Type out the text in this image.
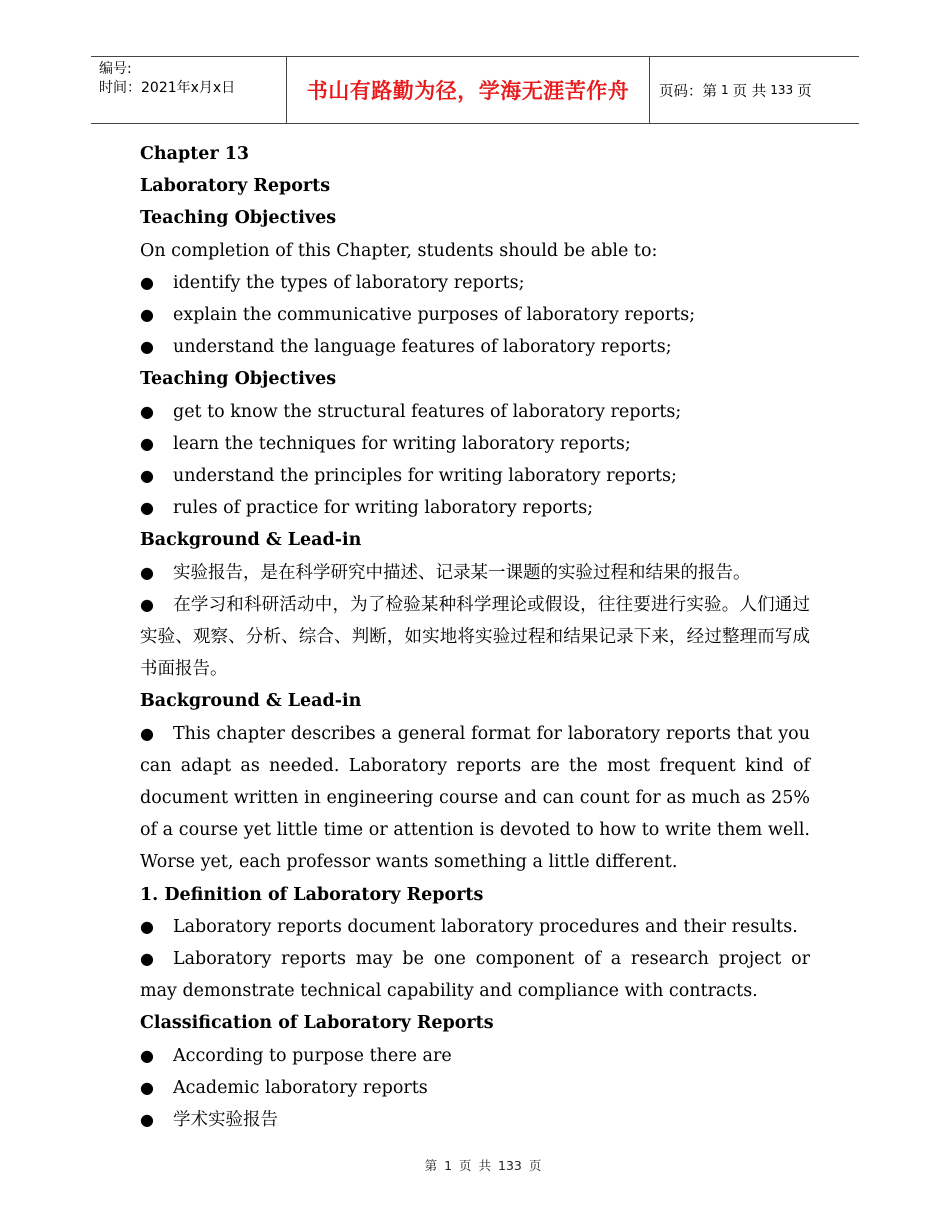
编号:
时间：2021年x月x日	书山有路勤为径，学海无涯苦作舟	页码：第 1 页 共 133 页
Chapter 13
Laboratory Reports
Teaching Objectives
On completion of this Chapter, students should be able to:
●	identify the types of laboratory reports;
●	explain the communicative purposes of laboratory reports;
●	understand the language features of laboratory reports;
Teaching Objectives
●	get to know the structural features of laboratory reports;
●	learn the techniques for writing laboratory reports;
●	understand the principles for writing laboratory reports;
●	rules of practice for writing laboratory reports;
Background & Lead-in
●	实验报告，是在科学研究中描述、记录某一课题的实验过程和结果的报告。
● 在学习和科研活动中，为了检验某种科学理论或假设，往往要进行实验。人们通过实验、观察、分析、综合、判断，如实地将实验过程和结果记录下来，经过整理而写成书面报告。
Background & Lead-in
● This chapter describes a general format for laboratory reports that you can adapt as needed. Laboratory reports are the most frequent kind of document written in engineering course and can count for as much as 25% of a course yet little time or attention is devoted to how to write them well. Worse yet, each professor wants something a little different.
1. Definition of Laboratory Reports
●	Laboratory reports document laboratory procedures and their results.
● Laboratory reports may be one component of a research project or may demonstrate technical capability and compliance with contracts.
Classification of Laboratory Reports
●	According to purpose there are
●	Academic laboratory reports
●	学术实验报告
第 1 页 共 133 页
